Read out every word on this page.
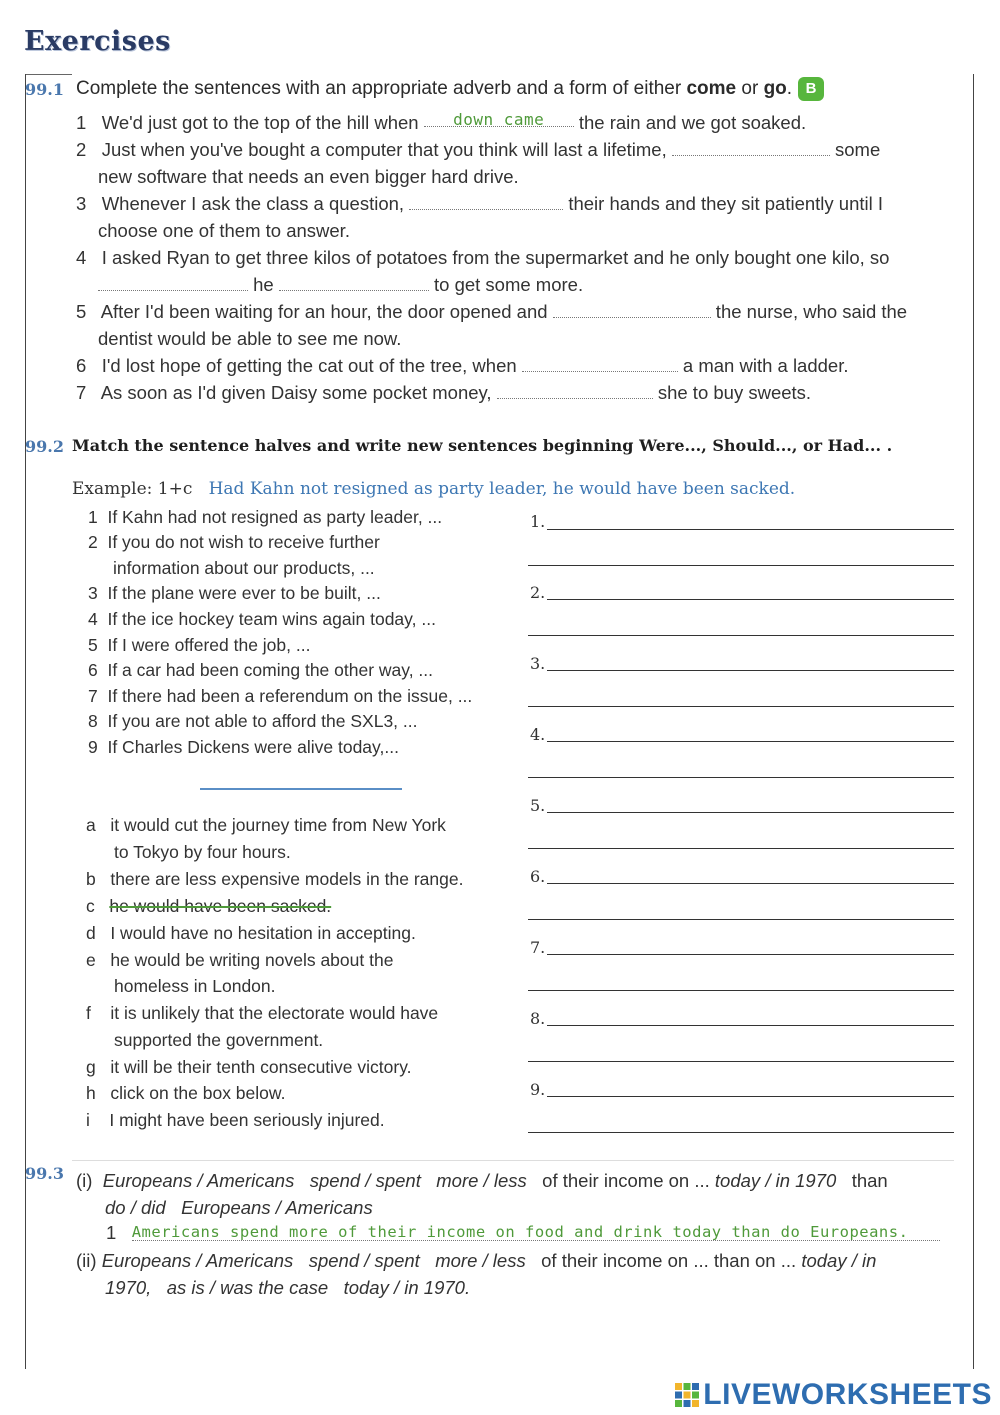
Exercises
99.1 Complete the sentences with an appropriate adverb and a form of either come or go. B
1 We'd just got to the top of the hill when down came the rain and we got soaked.
2 Just when you've bought a computer that you think will last a lifetime,	some
new software that needs an even bigger hard drive.
3 Whenever I ask the class a question,	their hands and they sit patiently until I
choose one of them to answer.
4 I asked Ryan to get three kilos of potatoes from the supermarket and he only bought one kilo, so
he	to get some more.
5 After I'd been waiting for an hour, the door opened and	the nurse, who said the
dentist would be able to see me now.
6 I'd lost hope of getting the cat out of the tree, when	a man with a ladder.
7 As soon as I'd given Daisy some pocket money,	she to buy sweets.
99.2 Match the sentence halves and write new sentences beginning Were..., Should..., or Had... .
Example: 1+c Had Kahn not resigned as party leader, he would have been sacked.
1 If Kahn had not resigned as party leader, ...
2 If you do not wish to receive further
information about our products, ...
3 If the plane were ever to be built, ...
4 If the ice hockey team wins again today, ...
5 If I were offered the job, ...
6 If a car had been coming the other way, ...
7 If there had been a referendum on the issue, ...
8 If you are not able to afford the SXL3, ...
9 If Charles Dickens were alive today,...
a it would cut the journey time from New York
to Tokyo by four hours.
b there are less expensive models in the range.
c he would have been sacked.
d I would have no hesitation in accepting.
e he would be writing novels about the
homeless in London.
f it is unlikely that the electorate would have
supported the government.
g it will be their tenth consecutive victory.
h click on the box below.
i I might have been seriously injured.
1.
2.
3.
4.
5.
6.
7.
8.
9.
99.3 (i) Europeans / Americans spend / spent more / less of their income on ... today / in 1970 than
do / did Europeans / Americans
1 Americans spend more of their income on food and drink today than do Europeans.
(ii) Europeans / Americans spend / spent more / less of their income on ... than on ... today / in
1970, as is / was the case today / in 1970.
LIVEWORKSHEETS
